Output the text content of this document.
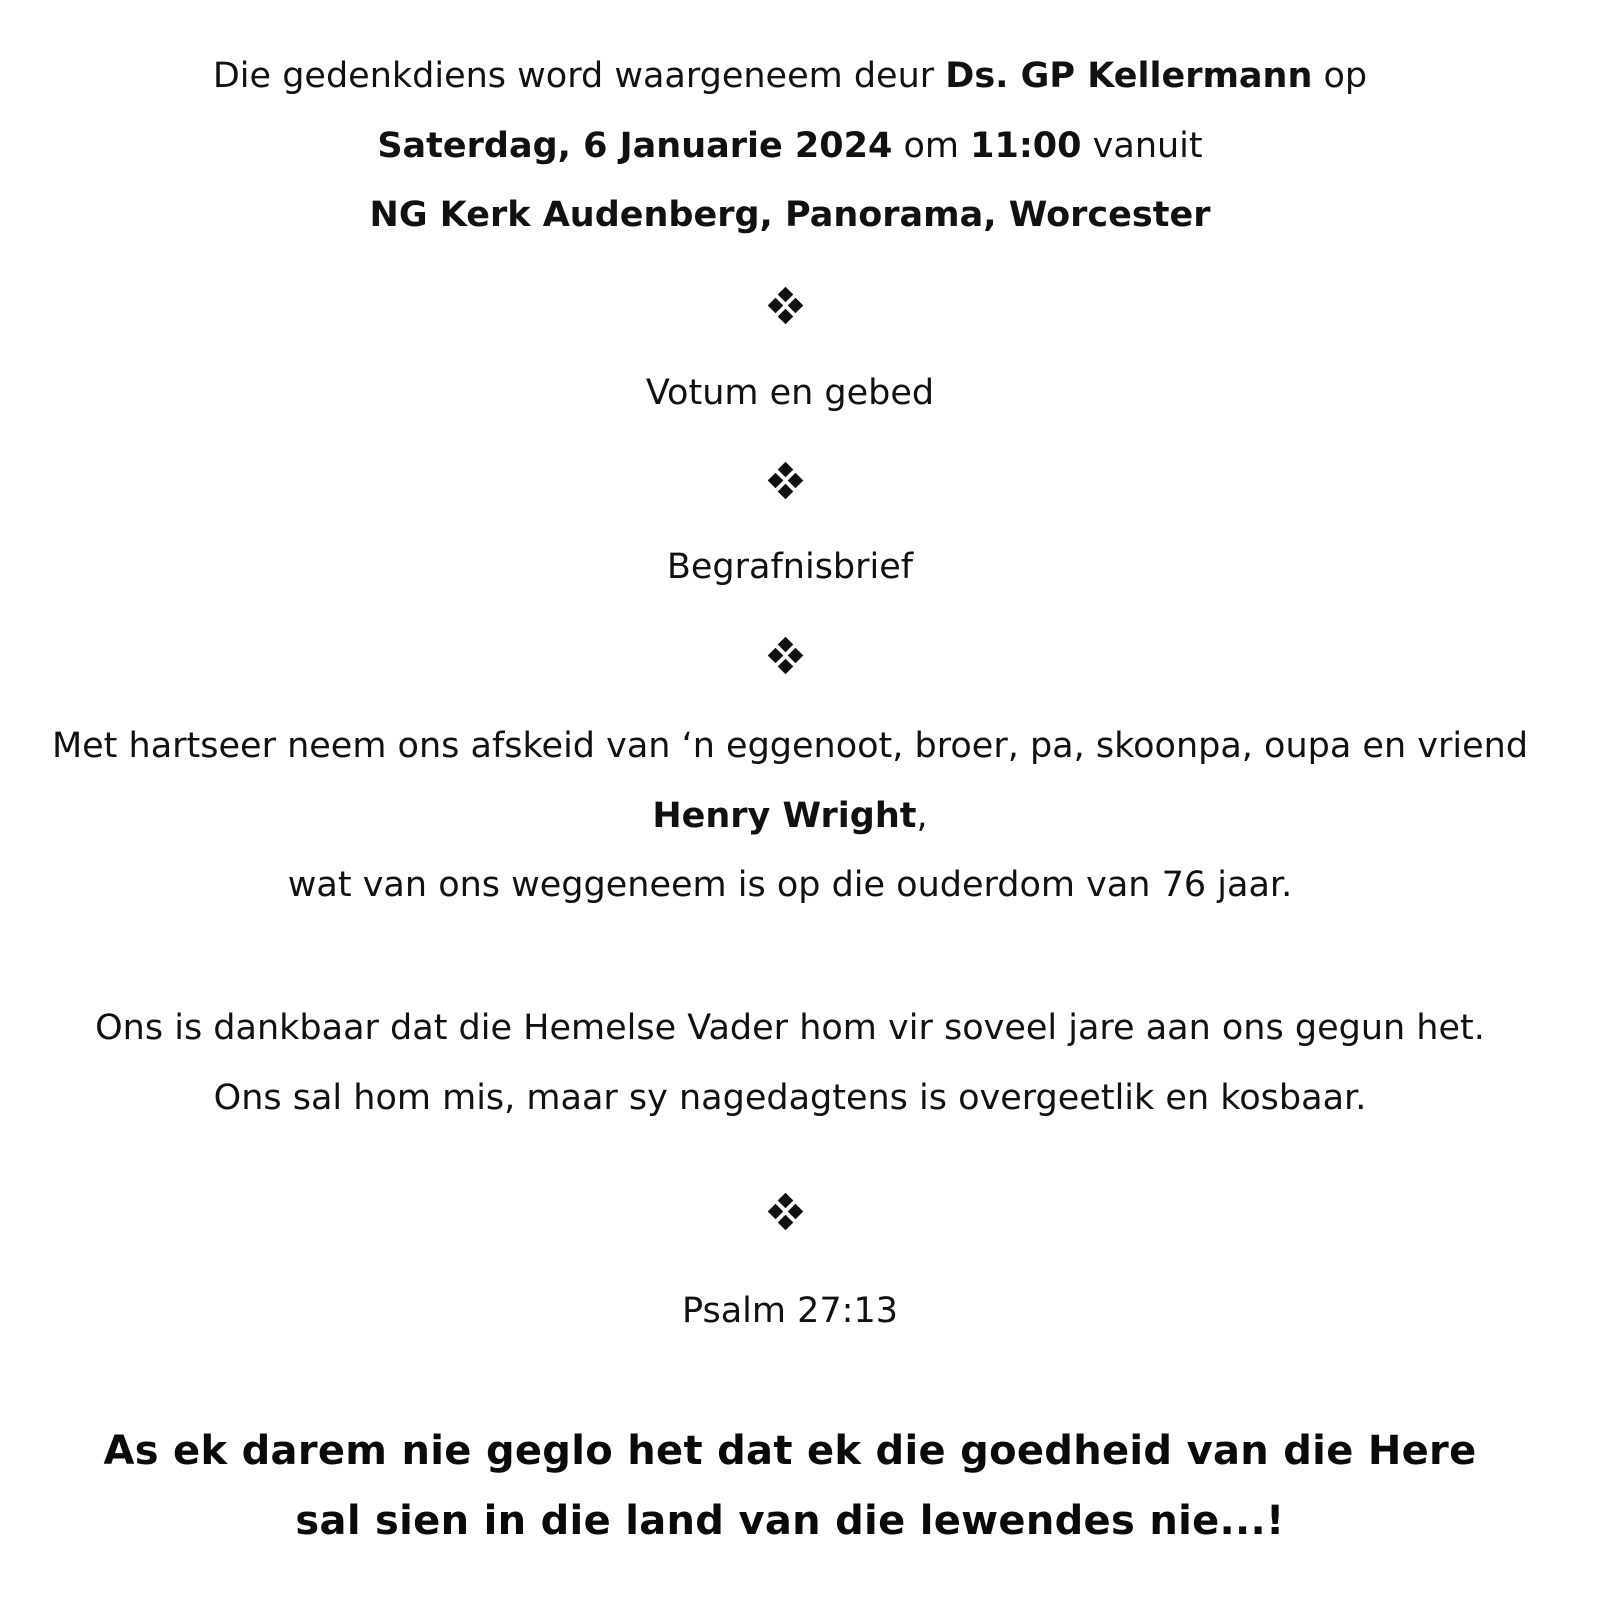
Die gedenkdiens word waargeneem deur Ds. GP Kellermann op
Saterdag, 6 Januarie 2024 om 11:00 vanuit
NG Kerk Audenberg, Panorama, Worcester
Votum en gebed
Begrafnisbrief
Met hartseer neem ons afskeid van ‘n eggenoot, broer, pa, skoonpa, oupa en vriend
Henry Wright,
wat van ons weggeneem is op die ouderdom van 76 jaar.
Ons is dankbaar dat die Hemelse Vader hom vir soveel jare aan ons gegun het.
Ons sal hom mis, maar sy nagedagtens is overgeetlik en kosbaar.
Psalm 27:13
As ek darem nie geglo het dat ek die goedheid van die Here
sal sien in die land van die lewendes nie...!
